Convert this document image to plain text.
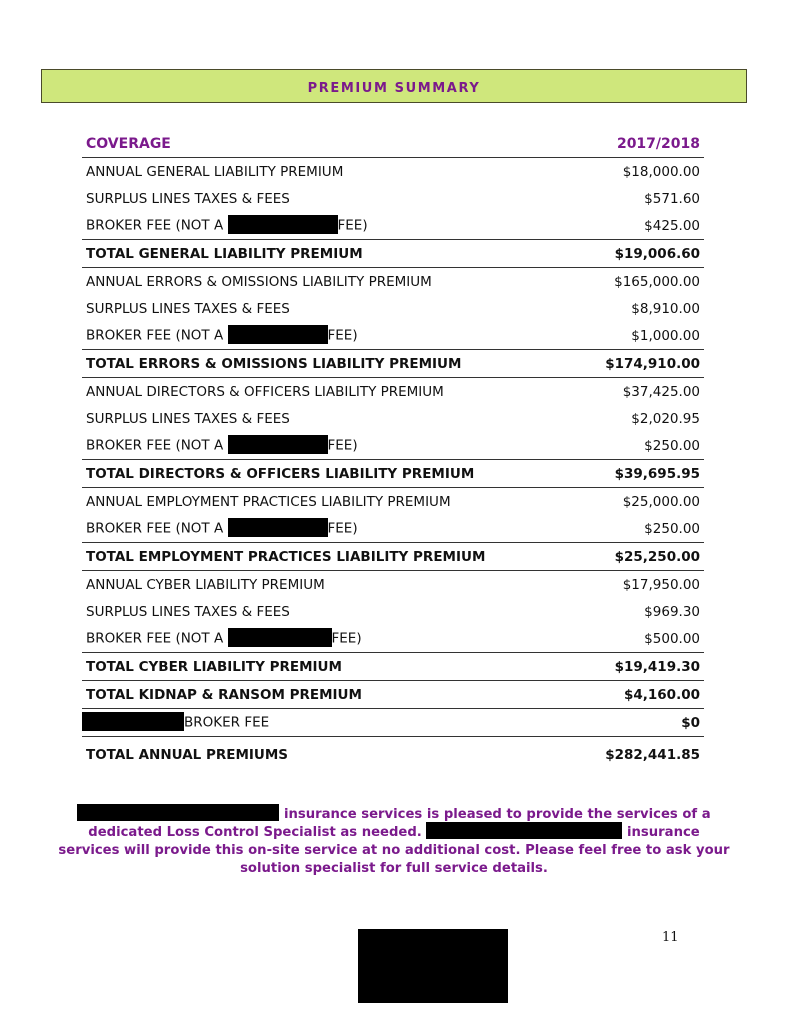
PREMIUM SUMMARY
COVERAGE	2017/2018
ANNUAL GENERAL LIABILITY PREMIUM	$18,000.00
SURPLUS LINES TAXES & FEES	$571.60
BROKER FEE (NOT A FEE)	$425.00
TOTAL GENERAL LIABILITY PREMIUM	$19,006.60
ANNUAL ERRORS & OMISSIONS LIABILITY PREMIUM	$165,000.00
SURPLUS LINES TAXES & FEES	$8,910.00
BROKER FEE (NOT A FEE)	$1,000.00
TOTAL ERRORS & OMISSIONS LIABILITY PREMIUM	$174,910.00
ANNUAL DIRECTORS & OFFICERS LIABILITY PREMIUM	$37,425.00
SURPLUS LINES TAXES & FEES	$2,020.95
BROKER FEE (NOT A FEE)	$250.00
TOTAL DIRECTORS & OFFICERS LIABILITY PREMIUM	$39,695.95
ANNUAL EMPLOYMENT PRACTICES LIABILITY PREMIUM	$25,000.00
BROKER FEE (NOT A FEE)	$250.00
TOTAL EMPLOYMENT PRACTICES LIABILITY PREMIUM	$25,250.00
ANNUAL CYBER LIABILITY PREMIUM	$17,950.00
SURPLUS LINES TAXES & FEES	$969.30
BROKER FEE (NOT A FEE)	$500.00
TOTAL CYBER LIABILITY PREMIUM	$19,419.30
TOTAL KIDNAP & RANSOM PREMIUM	$4,160.00
BROKER FEE	$0
TOTAL ANNUAL PREMIUMS	$282,441.85
insurance services is pleased to provide the services of a dedicated Loss Control Specialist as needed.	insurance services will provide this on-site service at no additional cost. Please feel free to ask your solution specialist for full service details.
11
